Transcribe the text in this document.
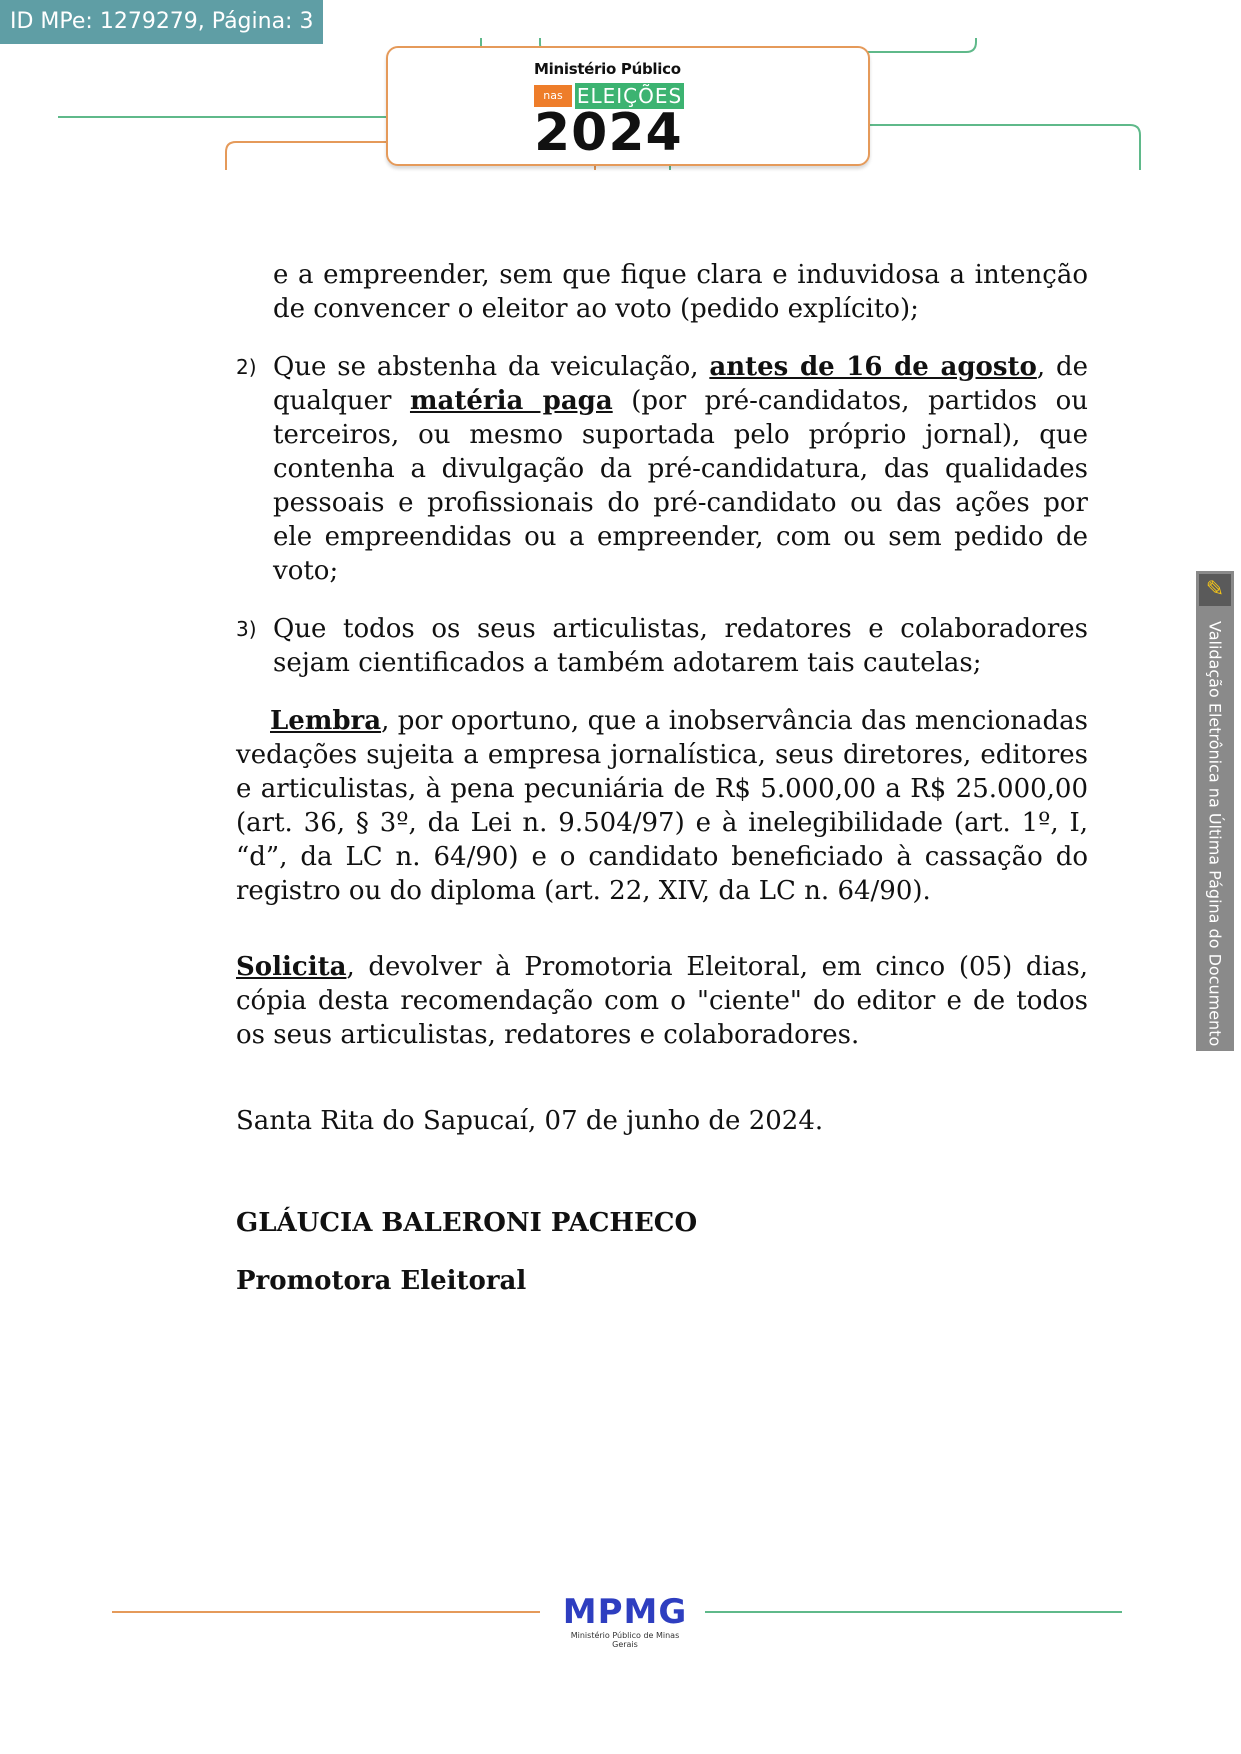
ID MPe: 1279279, Página: 3
Ministério Público
nas ELEIÇÕES
2024

e a empreender, sem que fique clara e induvidosa a intenção de convencer o eleitor ao voto (pedido explícito);

2) Que se abstenha da veiculação, antes de 16 de agosto, de qualquer matéria paga (por pré-candidatos, partidos ou terceiros, ou mesmo suportada pelo próprio jornal), que contenha a divulgação da pré-candidatura, das qualidades pessoais e profissionais do pré-candidato ou das ações por ele empreendidas ou a empreender, com ou sem pedido de voto;
3) Que todos os seus articulistas, redatores e colaboradores sejam cientificados a também adotarem tais cautelas;

Lembra, por oportuno, que a inobservância das mencionadas vedações sujeita a empresa jornalística, seus diretores, editores e articulistas, à pena pecuniária de R$ 5.000,00 a R$ 25.000,00 (art. 36, § 3º, da Lei n. 9.504/97) e à inelegibilidade (art. 1º, I, “d”, da LC n. 64/90) e o candidato beneficiado à cassação do registro ou do diploma (art. 22, XIV, da LC n. 64/90).

Solicita, devolver à Promotoria Eleitoral, em cinco (05) dias, cópia desta recomendação com o "ciente" do editor e de todos os seus articulistas, redatores e colaboradores.

Santa Rita do Sapucaí, 07 de junho de 2024.

GLÁUCIA BALERONI PACHECO

Promotora Eleitoral

✎
Validação Eletrônica na Última Página do Documento
MPMG
Ministério Público de Minas Gerais
